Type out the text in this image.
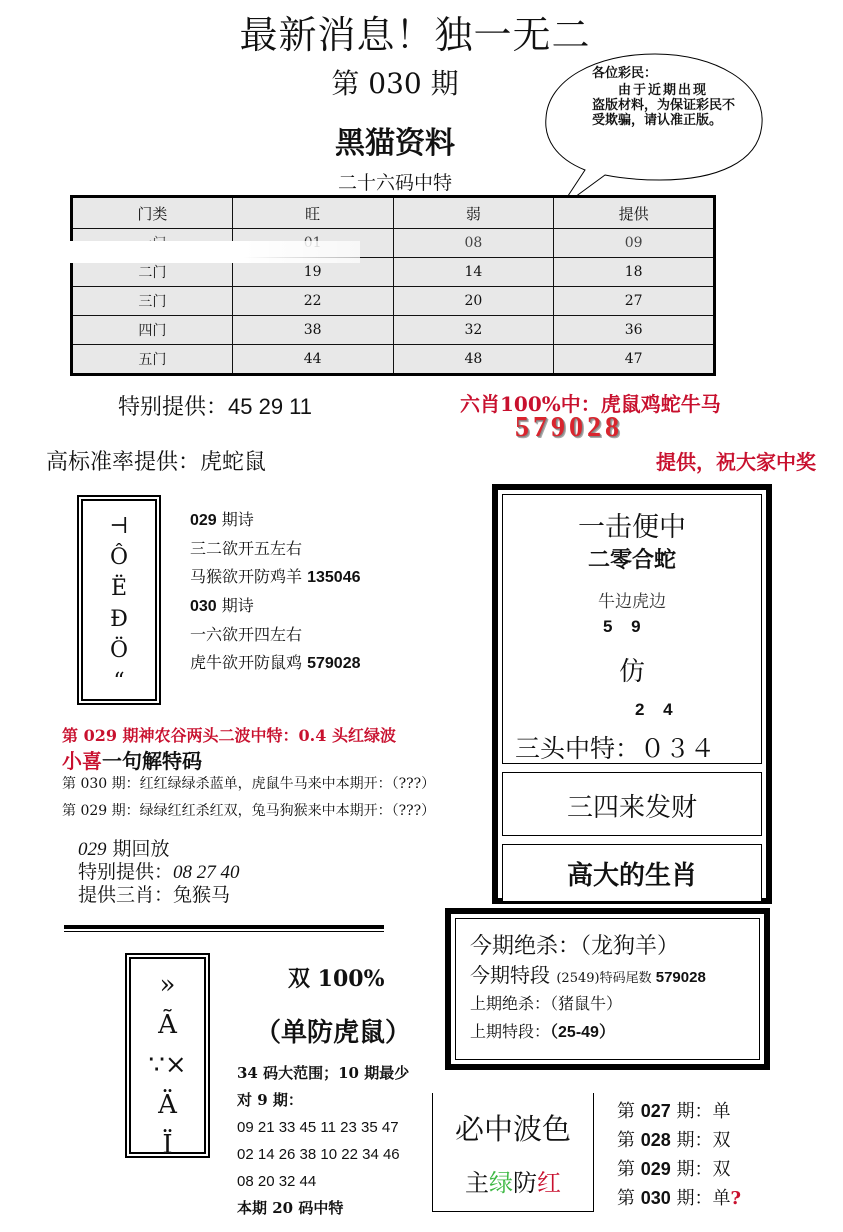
最新消息！独一无二
第 030 期
黑猫资料
二十六码中特
各位彩民：
由于近期出现
盗版材料，为保证彩民不受欺骗，请认准正版。
门类	旺	弱	提供
		08	09
二门	19	14	18
三门	22	20	27
四门	38	32	36
五门	44	48	47
特别提供：45 29 11
高标准率提供：虎蛇鼠
六肖100%中：虎鼠鸡蛇牛马
579028
提供，祝大家中奖
⊣
Ô
Ë
Ð
Ö
“
029 期诗
三二欲开五左右
马猴欲开防鸡羊 135046
030 期诗
一六欲开四左右
虎牛欲开防鼠鸡 579028
一击便中
二零合蛇
牛边虎边
5 9
仿
2 4
三头中特：０３４
三四来发财
高大的生肖
第 029 期神农谷两头二波中特：0.4 头红绿波
小喜一句解特码
第 030 期：红红绿绿杀蓝单，虎鼠牛马来中本期开：（???）
第 029 期：绿绿红红杀红双，兔马狗猴来中本期开：（???）
029 期回放
特别提供：08 27 40
提供三肖：兔猴马
今期绝杀：（龙狗羊）
今期特段 (2549)特码尾数 579028
上期绝杀：（猪鼠牛）
上期特段：（25-49）
»
Ã
∵×
Ä
Ï
双 100%
（单防虎鼠）
34 码大范围；10 期最少对 9 期：
09 21 33 45 11 23 35 47
02 14 26 38 10 22 34 46
08 20 32 44
本期 20 码中特
必中波色
主绿防红
第 027 期：单
第 028 期：双
第 029 期：双
第 030 期：单?
